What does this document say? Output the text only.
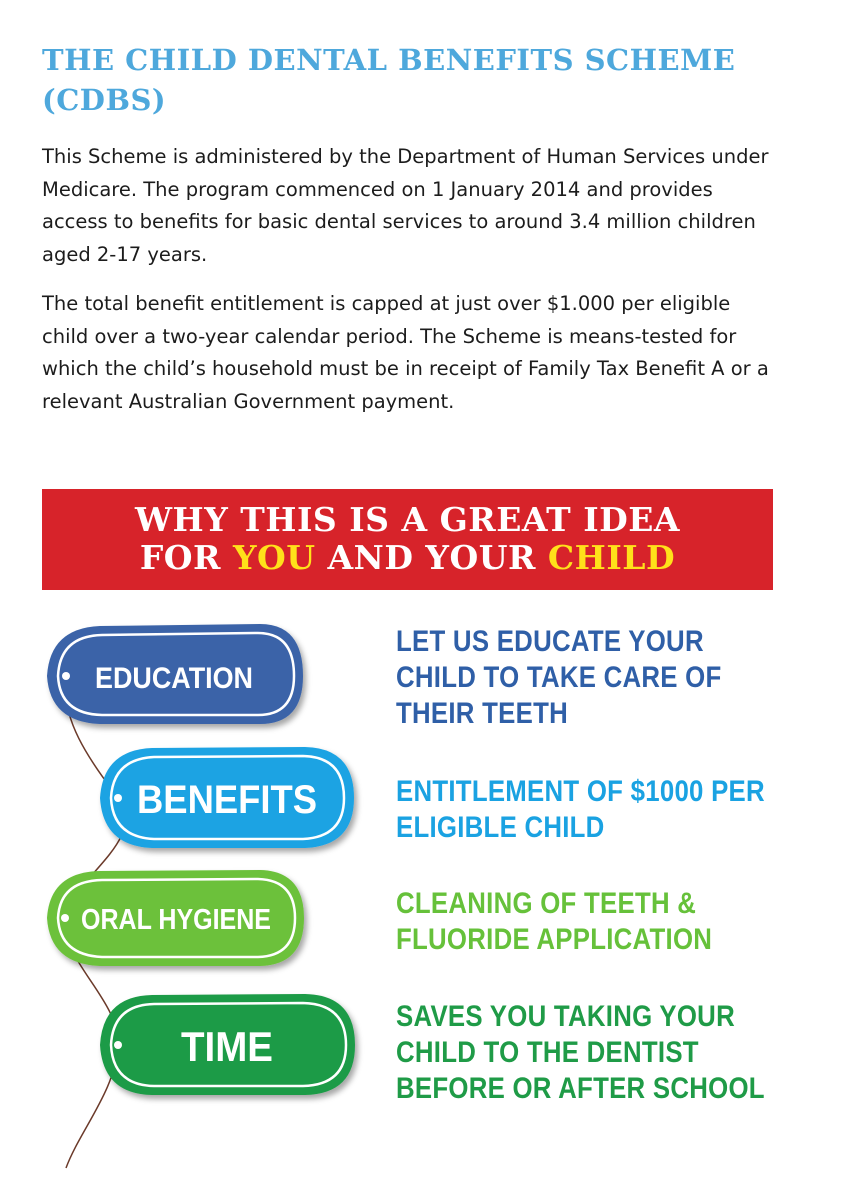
THE CHILD DENTAL BENEFITS SCHEME (CDBS)

This Scheme is administered by the Department of Human Services under Medicare. The program commenced on 1 January 2014 and provides access to benefits for basic dental services to around 3.4 million children aged 2-17 years.

The total benefit entitlement is capped at just over $1.000 per eligible child over a two-year calendar period. The Scheme is means-tested for which the child’s household must be in receipt of Family Tax Benefit A or a relevant Australian Government payment.

WHY THIS IS A GREAT IDEA
FOR YOU AND YOUR CHILD
EDUCATION
BENEFITS
ORAL HYGIENE
TIME

LET US EDUCATE YOUR CHILD TO TAKE CARE OF THEIR TEETH

ENTITLEMENT OF $1000 PER ELIGIBLE CHILD

CLEANING OF TEETH & FLUORIDE APPLICATION

SAVES YOU TAKING YOUR CHILD TO THE DENTIST BEFORE OR AFTER SCHOOL
